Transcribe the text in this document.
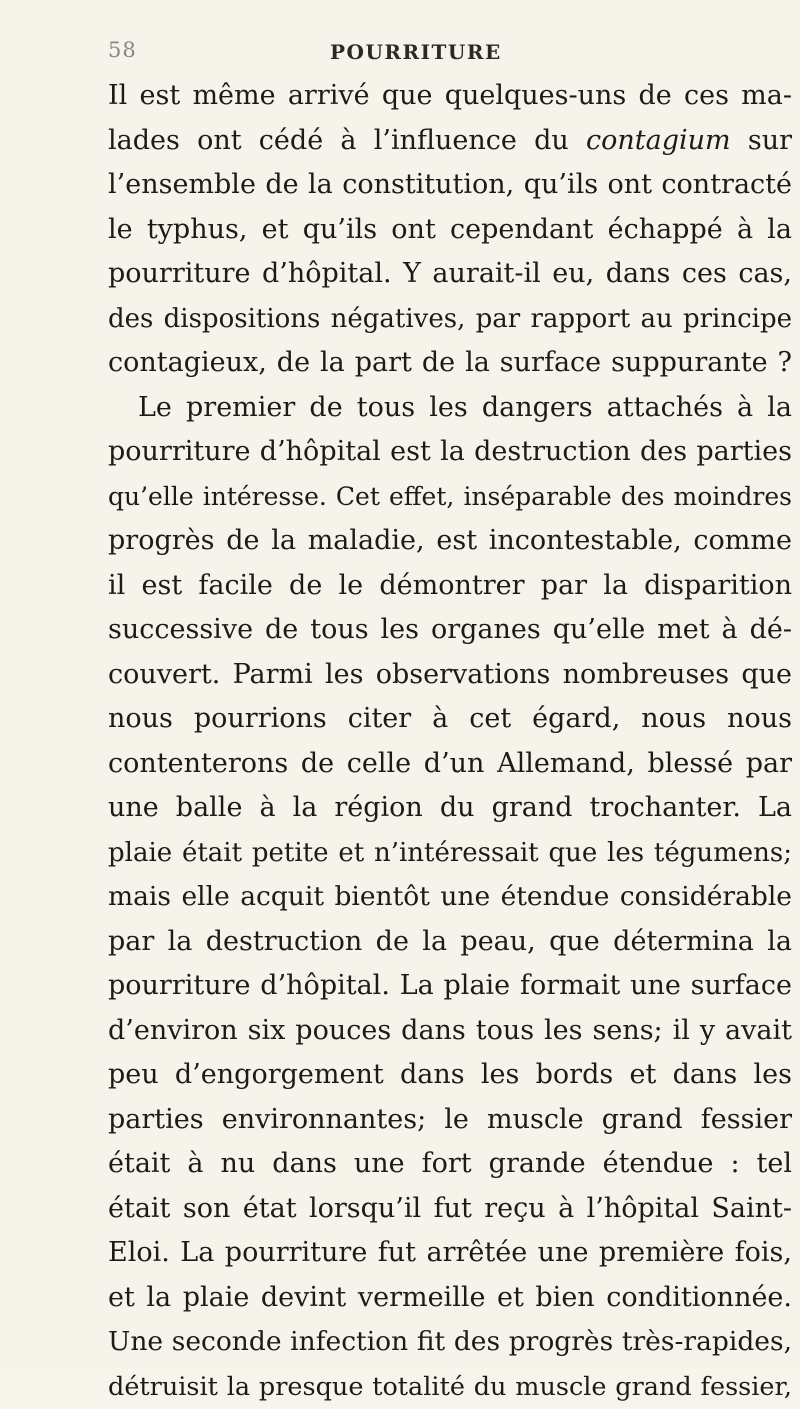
58	POURRITURE
Il est même arrivé que quelques-uns de ces ma-
lades ont cédé à l’influence du contagium sur
l’ensemble de la constitution, qu’ils ont contracté
le typhus, et qu’ils ont cependant échappé à la
pourriture d’hôpital. Y aurait-il eu, dans ces cas,
des dispositions négatives, par rapport au principe
contagieux, de la part de la surface suppurante ?
Le premier de tous les dangers attachés à la
pourriture d’hôpital est la destruction des parties
qu’elle intéresse. Cet effet, inséparable des moindres
progrès de la maladie, est incontestable, comme
il est facile de le démontrer par la disparition
successive de tous les organes qu’elle met à dé-
couvert. Parmi les observations nombreuses que
nous pourrions citer à cet égard, nous nous
contenterons de celle d’un Allemand, blessé par
une balle à la région du grand trochanter. La
plaie était petite et n’intéressait que les tégumens;
mais elle acquit bientôt une étendue considérable
par la destruction de la peau, que détermina la
pourriture d’hôpital. La plaie formait une surface
d’environ six pouces dans tous les sens; il y avait
peu d’engorgement dans les bords et dans les
parties environnantes; le muscle grand fessier
était à nu dans une fort grande étendue : tel
était son état lorsqu’il fut reçu à l’hôpital Saint-
Eloi. La pourriture fut arrêtée une première fois,
et la plaie devint vermeille et bien conditionnée.
Une seconde infection fit des progrès très-rapides,
détruisit la presque totalité du muscle grand fessier,
